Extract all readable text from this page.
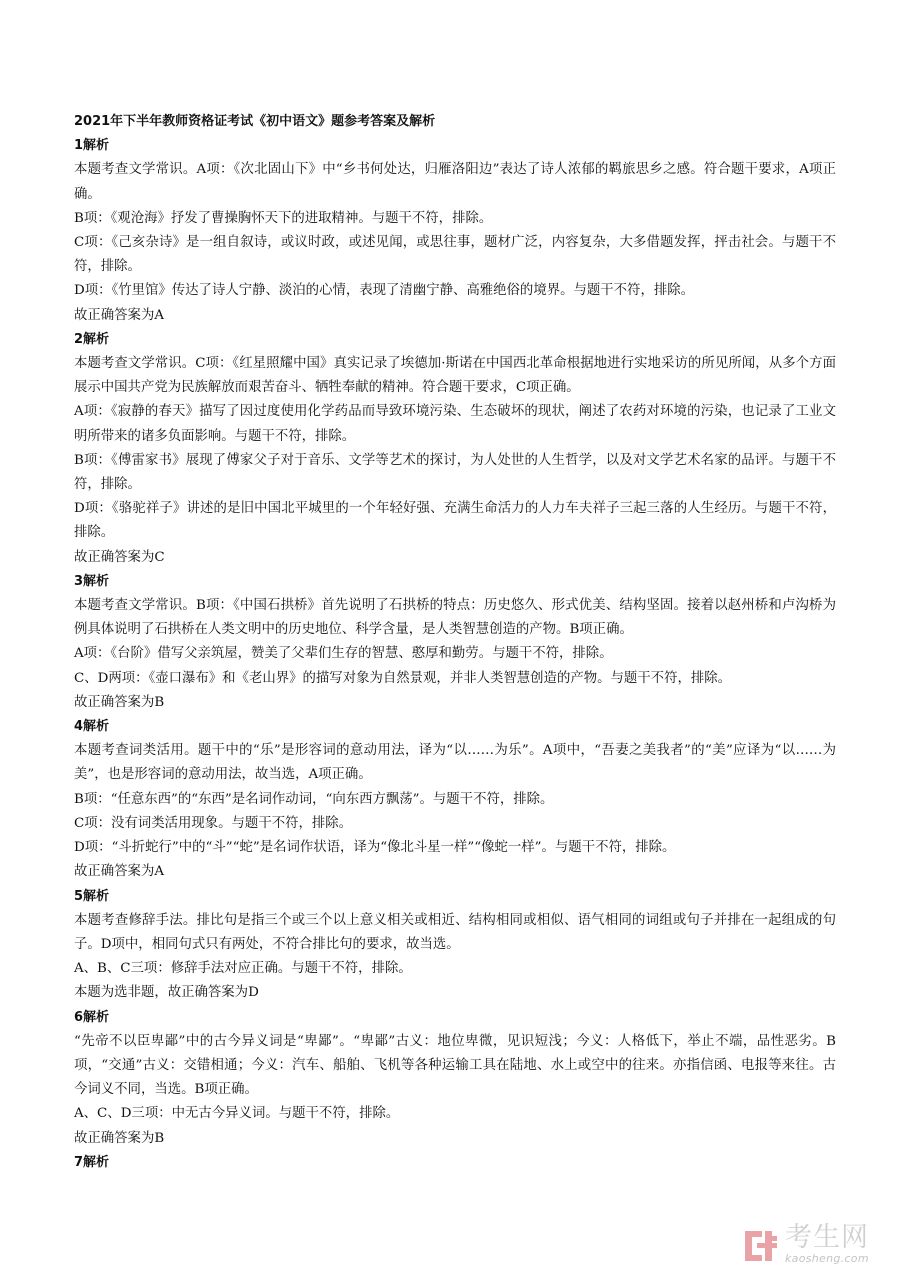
2021年下半年教师资格证考试《初中语文》题参考答案及解析

1解析

本题考查文学常识。A项：《次北固山下》中“乡书何处达，归雁洛阳边”表达了诗人浓郁的羁旅思乡之感。符合题干要求，A项正确。

B项：《观沧海》抒发了曹操胸怀天下的进取精神。与题干不符，排除。

C项：《己亥杂诗》是一组自叙诗，或议时政，或述见闻，或思往事，题材广泛，内容复杂，大多借题发挥，抨击社会。与题干不符，排除。

D项：《竹里馆》传达了诗人宁静、淡泊的心情，表现了清幽宁静、高雅绝俗的境界。与题干不符，排除。

故正确答案为A

2解析

本题考查文学常识。C项：《红星照耀中国》真实记录了埃德加·斯诺在中国西北革命根据地进行实地采访的所见所闻，从多个方面展示中国共产党为民族解放而艰苦奋斗、牺牲奉献的精神。符合题干要求，C项正确。

A项：《寂静的春天》描写了因过度使用化学药品而导致环境污染、生态破坏的现状，阐述了农药对环境的污染，也记录了工业文明所带来的诸多负面影响。与题干不符，排除。

B项：《傅雷家书》展现了傅家父子对于音乐、文学等艺术的探讨，为人处世的人生哲学，以及对文学艺术名家的品评。与题干不符，排除。

D项：《骆驼祥子》讲述的是旧中国北平城里的一个年轻好强、充满生命活力的人力车夫祥子三起三落的人生经历。与题干不符，排除。

故正确答案为C

3解析

本题考查文学常识。B项：《中国石拱桥》首先说明了石拱桥的特点：历史悠久、形式优美、结构坚固。接着以赵州桥和卢沟桥为例具体说明了石拱桥在人类文明中的历史地位、科学含量，是人类智慧创造的产物。B项正确。

A项：《台阶》借写父亲筑屋，赞美了父辈们生存的智慧、憨厚和勤劳。与题干不符，排除。

C、D两项：《壶口瀑布》和《老山界》的描写对象为自然景观，并非人类智慧创造的产物。与题干不符，排除。

故正确答案为B

4解析

本题考查词类活用。题干中的“乐”是形容词的意动用法，译为“以……为乐”。A项中，“吾妻之美我者”的“美”应译为“以……为美”，也是形容词的意动用法，故当选，A项正确。

B项：“任意东西”的“东西”是名词作动词，“向东西方飘荡”。与题干不符，排除。

C项：没有词类活用现象。与题干不符，排除。

D项：“斗折蛇行”中的“斗”“蛇”是名词作状语，译为“像北斗星一样”“像蛇一样”。与题干不符，排除。

故正确答案为A

5解析

本题考查修辞手法。排比句是指三个或三个以上意义相关或相近、结构相同或相似、语气相同的词组或句子并排在一起组成的句子。D项中，相同句式只有两处，不符合排比句的要求，故当选。

A、B、C三项：修辞手法对应正确。与题干不符，排除。

本题为选非题，故正确答案为D

6解析

“先帝不以臣卑鄙”中的古今异义词是“卑鄙”。“卑鄙”古义：地位卑微，见识短浅；今义：人格低下，举止不端，品性恶劣。B项，“交通”古义：交错相通；今义：汽车、船舶、飞机等各种运输工具在陆地、水上或空中的往来。亦指信函、电报等来往。古今词义不同，当选。B项正确。

A、C、D三项：中无古今异义词。与题干不符，排除。

故正确答案为B

7解析

考生网
kaosheng.com
